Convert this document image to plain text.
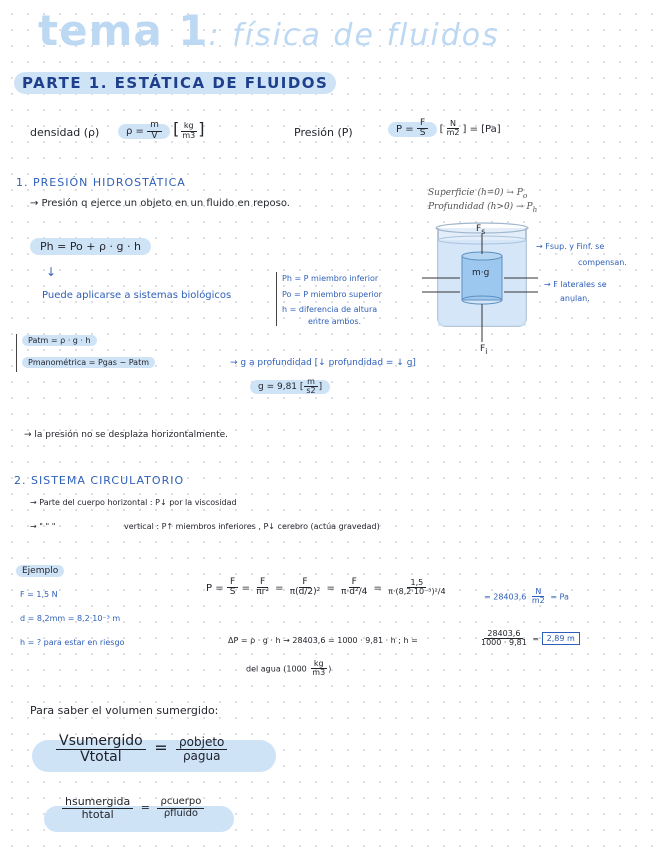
tema 1: física de fluidos
PARTE 1. ESTÁTICA DE FLUIDOS
densidad (ρ)	$\rho = \frac{m}{V}$ [ $\frac{kg}{m3}$ ]	Presión (P)	$P = \frac{F}{S}$ [ $\frac{N}{m2}$ ] = [Pa]
1. PRESIÓN HIDROSTÁTICA
→ Presión q ejerce un objeto en un fluido en reposo.
Ph = Po + ρ · g · h
↓
Puede aplicarse a sistemas biológicos
Ph = P miembro inferior
Po = P miembro superior
h = diferencia de altura
entre ambos.
Patm = ρ · g · h
Pmanométrica = Pgas − Patm	→ g a profundidad [↓ profundidad = ↓ g]
g = 9,81 [ $\frac{m}{s2}$ ]
→ la presión no se desplaza horizontalmente.
Superficie $(h=0) \to P_o$
Profundidad $(h>0) \to P_h$
$F_s$
m·g
$F_i$
→ Fsup. y Finf. se
compensan.
→ F laterales se
anulan.
2. SISTEMA CIRCULATORIO
→ Parte del cuerpo horizontal : P↓ por la viscosidad
→ " " "	vertical : P↑ miembros inferiores , P↓ cerebro (actúa gravedad)
Ejemplo
F = 1,5 N
d = 8,2mm = 8,2·10⁻³ m
h = ? para estar en riesgo
$P = \frac{F}{S} = \frac{F}{\text{πr²}} = \frac{F}{\text{π(d/2)²}} = \frac{F}{\text{π·d²/4}} = \frac{1,5}{\text{π·(8,2·10⁻³)²/4}}$
= $28403,6 \frac{N}{m2} = Pa$
ΔP = ρ · g · h → 28403,6 = 1000 · 9,81 · h ; h =	$\frac{28403,6}{1000 \cdot 9,81} = 2,89$ m
del agua ($1000 \frac{kg}{m3}$ )
Para saber el volumen sumergido:
$\frac{\text{Vsumergido}}{\text{Vtotal}} = \frac{\text{ρobjeto}}{\text{ρagua}}$
$\frac{\text{hsumergida}}{\text{htotal}} = \frac{\text{ρcuerpo}}{\text{ρfluido}}$
